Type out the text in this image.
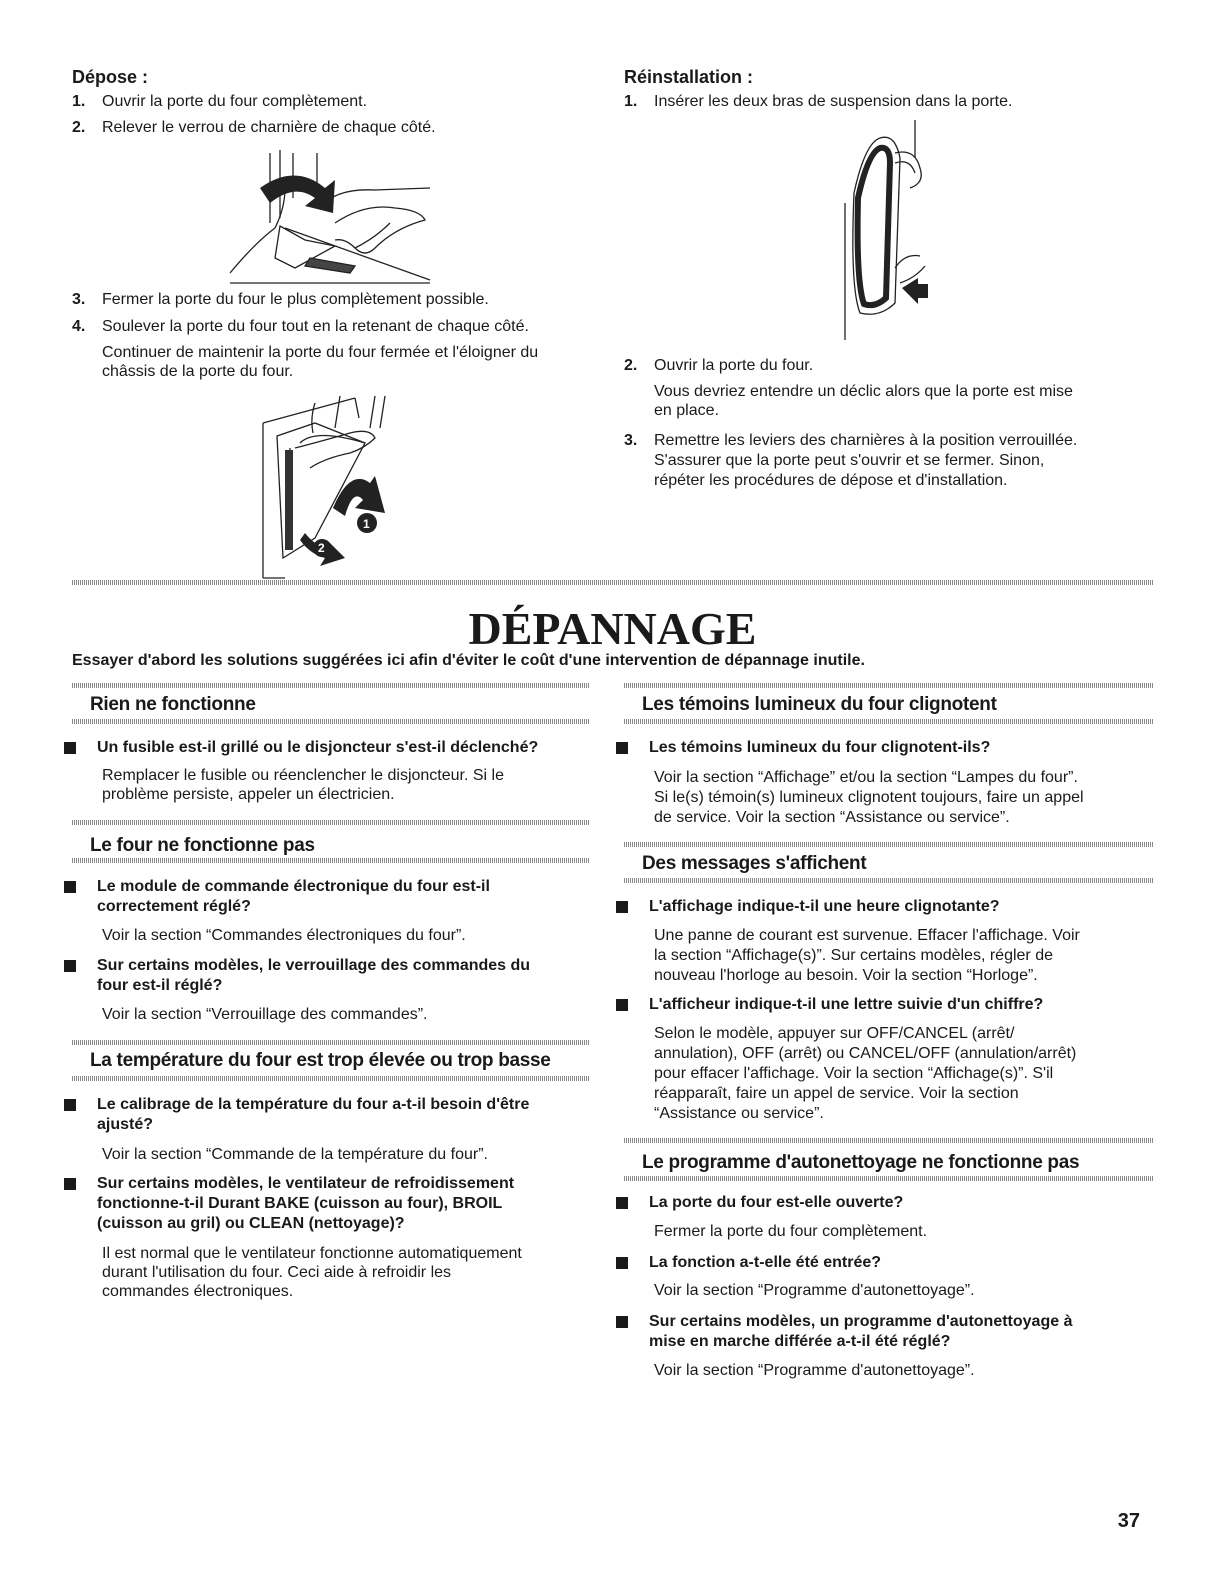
Dépose :
1.	Ouvrir la porte du four complètement.
2.	Relever le verrou de charnière de chaque côté.
3.	Fermer la porte du four le plus complètement possible.
4.	Soulever la porte du four tout en la retenant de chaque côté.
Continuer de maintenir la porte du four fermée et l'éloigner du
châssis de la porte du four.
1
2
Réinstallation :
1.	Insérer les deux bras de suspension dans la porte.
2.	Ouvrir la porte du four.
Vous devriez entendre un déclic alors que la porte est mise
en place.
3.	Remettre les leviers des charnières à la position verrouillée.
S'assurer que la porte peut s'ouvrir et se fermer. Sinon,
répéter les procédures de dépose et d'installation.
DÉPANNAGE
Essayer d'abord les solutions suggérées ici afin d'éviter le coût d'une intervention de dépannage inutile.
Rien ne fonctionne
Un fusible est-il grillé ou le disjoncteur s'est-il déclenché?
Remplacer le fusible ou réenclencher le disjoncteur. Si le
problème persiste, appeler un électricien.
Le four ne fonctionne pas
Le module de commande électronique du four est-il
correctement réglé?
Voir la section “Commandes électroniques du four”.
Sur certains modèles, le verrouillage des commandes du
four est-il réglé?
Voir la section “Verrouillage des commandes”.
La température du four est trop élevée ou trop basse
Le calibrage de la température du four a-t-il besoin d'être
ajusté?
Voir la section “Commande de la température du four”.
Sur certains modèles, le ventilateur de refroidissement
fonctionne-t-il Durant BAKE (cuisson au four), BROIL
(cuisson au gril) ou CLEAN (nettoyage)?
Il est normal que le ventilateur fonctionne automatiquement
durant l'utilisation du four. Ceci aide à refroidir les
commandes électroniques.
Les témoins lumineux du four clignotent
Les témoins lumineux du four clignotent-ils?
Voir la section “Affichage” et/ou la section “Lampes du four”.
Si le(s) témoin(s) lumineux clignotent toujours, faire un appel
de service. Voir la section “Assistance ou service”.
Des messages s'affichent
L'affichage indique-t-il une heure clignotante?
Une panne de courant est survenue. Effacer l'affichage. Voir
la section “Affichage(s)”. Sur certains modèles, régler de
nouveau l'horloge au besoin. Voir la section “Horloge”.
L'afficheur indique-t-il une lettre suivie d'un chiffre?
Selon le modèle, appuyer sur OFF/CANCEL (arrêt/
annulation), OFF (arrêt) ou CANCEL/OFF (annulation/arrêt)
pour effacer l'affichage. Voir la section “Affichage(s)”. S'il
réapparaît, faire un appel de service. Voir la section
“Assistance ou service”.
Le programme d'autonettoyage ne fonctionne pas
La porte du four est-elle ouverte?
Fermer la porte du four complètement.
La fonction a-t-elle été entrée?
Voir la section “Programme d'autonettoyage”.
Sur certains modèles, un programme d'autonettoyage à
mise en marche différée a-t-il été réglé?
Voir la section “Programme d'autonettoyage”.
37
